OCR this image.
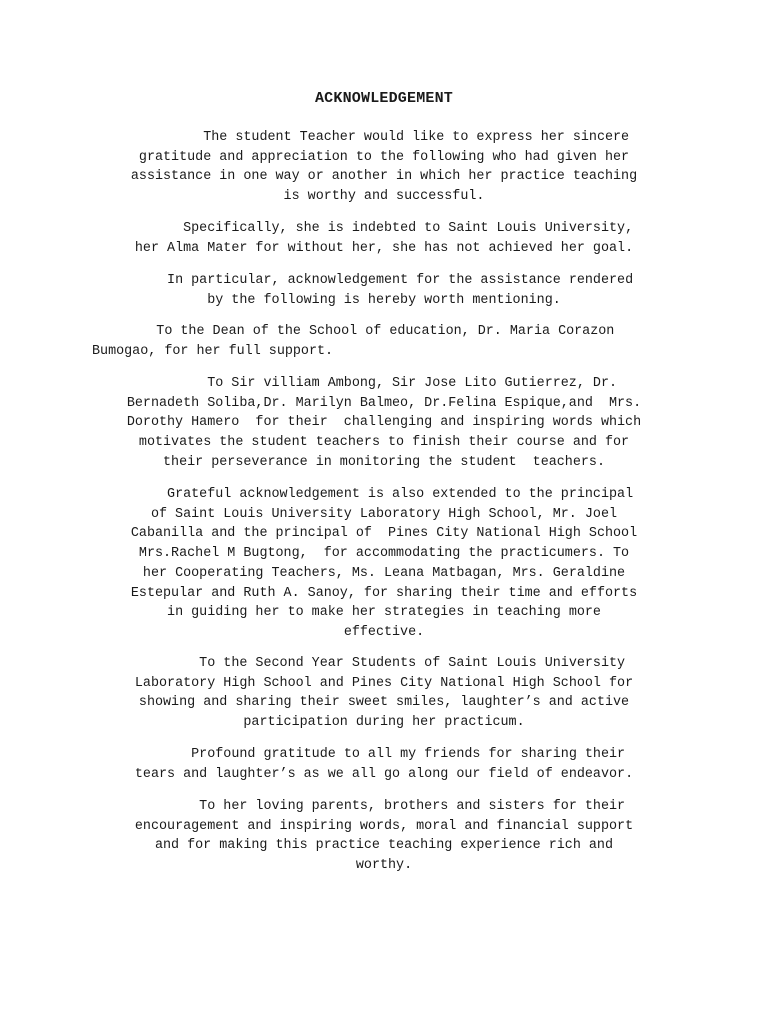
ACKNOWLEDGEMENT

The student Teacher would like to express her sincere
gratitude and appreciation to the following who had given her
assistance in one way or another in which her practice teaching
is worthy and successful.

Specifically, she is indebted to Saint Louis University,
her Alma Mater for without her, she has not achieved her goal.

In particular, acknowledgement for the assistance rendered
by the following is hereby worth mentioning.

To the Dean of the School of education, Dr. Maria Corazon
Bumogao, for her full support.

To Sir villiam Ambong, Sir Jose Lito Gutierrez, Dr.
Bernadeth Soliba,Dr. Marilyn Balmeo, Dr.Felina Espique,and  Mrs.
Dorothy Hamero  for their  challenging and inspiring words which
motivates the student teachers to finish their course and for
their perseverance in monitoring the student  teachers.

Grateful acknowledgement is also extended to the principal
of Saint Louis University Laboratory High School, Mr. Joel
Cabanilla and the principal of  Pines City National High School
Mrs.Rachel M Bugtong,  for accommodating the practicumers. To
her Cooperating Teachers, Ms. Leana Matbagan, Mrs. Geraldine
Estepular and Ruth A. Sanoy, for sharing their time and efforts
in guiding her to make her strategies in teaching more
effective.

To the Second Year Students of Saint Louis University
Laboratory High School and Pines City National High School for
showing and sharing their sweet smiles, laughter’s and active
participation during her practicum.

Profound gratitude to all my friends for sharing their
tears and laughter’s as we all go along our field of endeavor.

To her loving parents, brothers and sisters for their
encouragement and inspiring words, moral and financial support
and for making this practice teaching experience rich and
worthy.
